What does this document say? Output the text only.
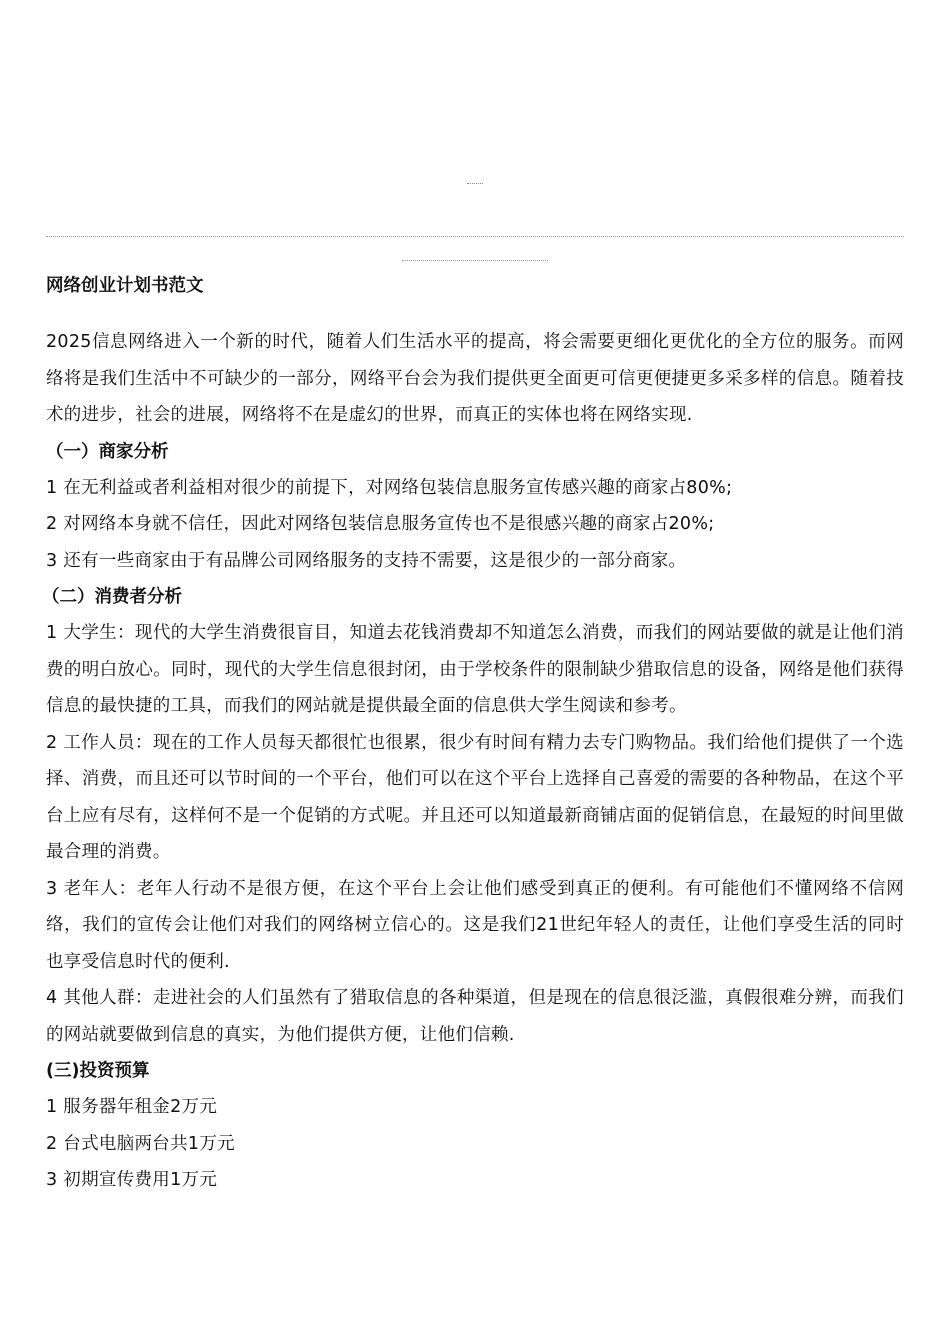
网络创业计划书范文

2025信息网络进入一个新的时代，随着人们生活水平的提高，将会需要更细化更优化的全方位的服务。而网络将是我们生活中不可缺少的一部分，网络平台会为我们提供更全面更可信更便捷更多采多样的信息。随着技术的进步，社会的进展，网络将不在是虚幻的世界，而真正的实体也将在网络实现.

（一）商家分析

1 在无利益或者利益相对很少的前提下，对网络包装信息服务宣传感兴趣的商家占80%;

2 对网络本身就不信任，因此对网络包装信息服务宣传也不是很感兴趣的商家占20%;

3 还有一些商家由于有品牌公司网络服务的支持不需要，这是很少的一部分商家。

（二）消费者分析

1 大学生：现代的大学生消费很盲目，知道去花钱消费却不知道怎么消费，而我们的网站要做的就是让他们消费的明白放心。同时，现代的大学生信息很封闭，由于学校条件的限制缺少猎取信息的设备，网络是他们获得信息的最快捷的工具，而我们的网站就是提供最全面的信息供大学生阅读和参考。

2 工作人员：现在的工作人员每天都很忙也很累，很少有时间有精力去专门购物品。我们给他们提供了一个选择、消费，而且还可以节时间的一个平台，他们可以在这个平台上选择自己喜爱的需要的各种物品，在这个平台上应有尽有，这样何不是一个促销的方式呢。并且还可以知道最新商铺店面的促销信息，在最短的时间里做最合理的消费。

3 老年人：老年人行动不是很方便，在这个平台上会让他们感受到真正的便利。有可能他们不懂网络不信网络，我们的宣传会让他们对我们的网络树立信心的。这是我们21世纪年轻人的责任，让他们享受生活的同时也享受信息时代的便利.

4 其他人群：走进社会的人们虽然有了猎取信息的各种渠道，但是现在的信息很泛滥，真假很难分辨，而我们的网站就要做到信息的真实，为他们提供方便，让他们信赖.

(三)投资预算

1 服务器年租金2万元

2 台式电脑两台共1万元

3 初期宣传费用1万元
